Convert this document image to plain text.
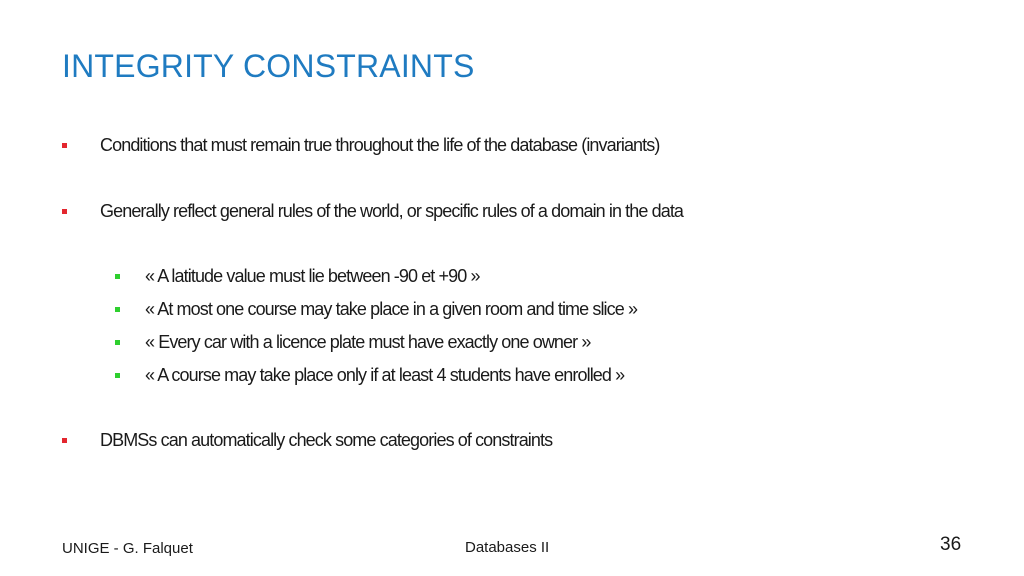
INTEGRITY CONSTRAINTS
Conditions that must remain true throughout the life of the database (invariants)
Generally reflect general rules of the world, or specific rules of a domain in the data
« A latitude value must lie between -90 et +90 »
« At most one course may take place in a given room and time slice »
« Every car with a licence plate must have exactly one owner »
« A course may take place only if at least 4 students have enrolled »
DBMSs can automatically check some categories of constraints
UNIGE - G. Falquet	Databases II	36
